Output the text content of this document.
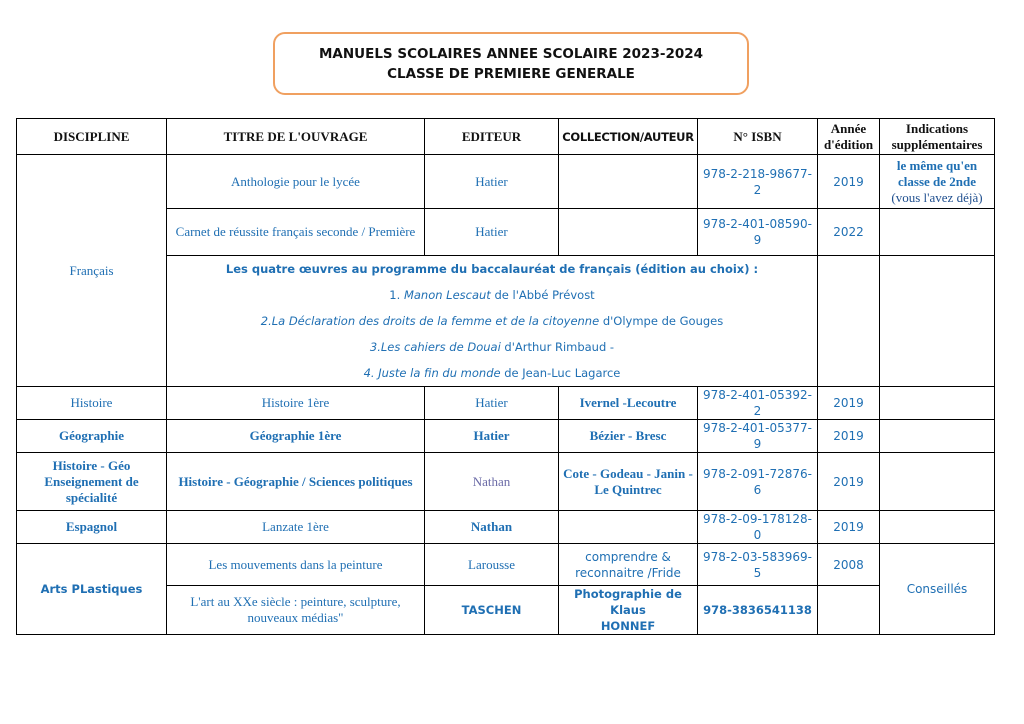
MANUELS SCOLAIRES ANNEE SCOLAIRE 2023-2024
CLASSE DE PREMIERE GENERALE
DISCIPLINE	TITRE DE L'OUVRAGE	EDITEUR	COLLECTION/AUTEUR	N° ISBN	Année
d'édition	Indications
supplémentaires
Français	Anthologie pour le lycée	Hatier		978-2-218-98677-2	2019	le même qu'en
classe de 2nde
(vous l'avez déjà)
	Carnet de réussite français seconde / Première	Hatier		978-2-401-08590-9	2022	

	Les quatre œuvres au programme du baccalauréat de français (édition au choix) :
1. Manon Lescaut de l'Abbé Prévost
2.La Déclaration des droits de la femme et de la citoyenne d'Olympe de Gouges
3.Les cahiers de Douai d'Arthur Rimbaud -
4. Juste la fin du monde de Jean-Luc Lagarce					

Histoire	Histoire 1ère	Hatier	Ivernel -Lecoutre	978-2-401-05392-2	2019	
Géographie	Géographie 1ère	Hatier	Bézier - Bresc	978-2-401-05377-9	2019	
Histoire - Géo
Enseignement de
spécialité	Histoire - Géographie / Sciences politiques	Nathan	Cote - Godeau - Janin -
Le Quintrec	978-2-091-72876-6	2019	
Espagnol	Lanzate 1ère	Nathan		978-2-09-178128-0	2019	
Arts PLastiques	Les mouvements dans la peinture	Larousse	comprendre &
reconnaitre /Fride	978-2-03-583969-5	2008	Conseillés
	L'art au XXe siècle : peinture, sculpture,
nouveaux médias"	TASCHEN	Photographie de Klaus
HONNEF	978-3836541138		
